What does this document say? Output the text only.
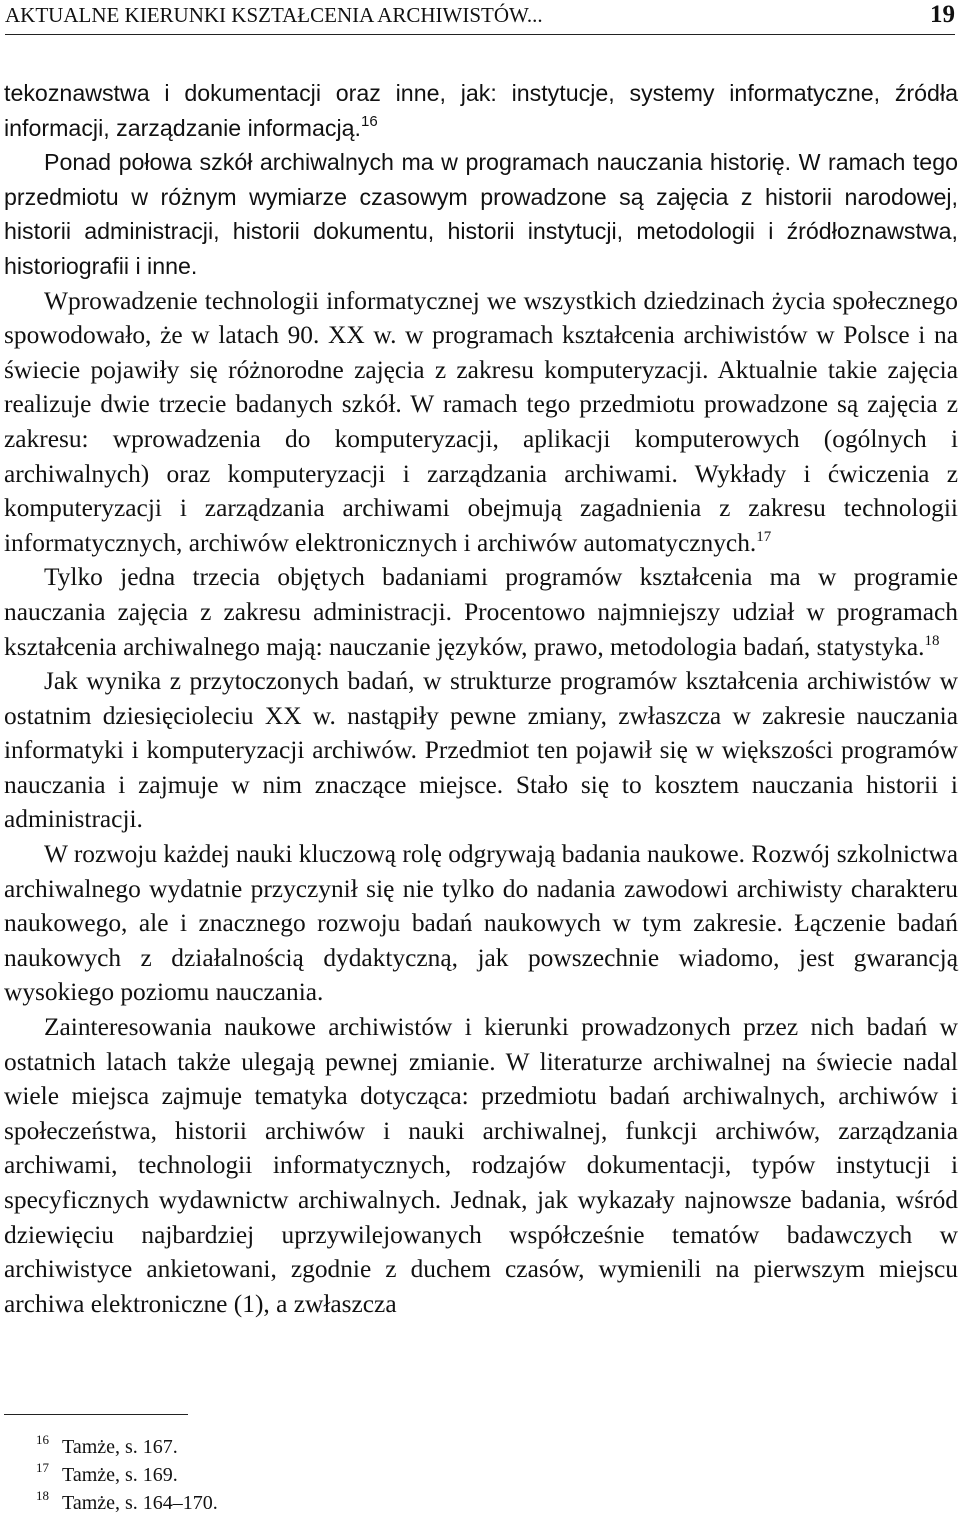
AKTUALNE KIERUNKI KSZTAŁCENIA ARCHIWISTÓW...	19

tekoznawstwa i dokumentacji oraz inne, jak: instytucje, systemy informatyczne, źródła informacji, zarządzanie informacją.$^{16}$

Ponad połowa szkół archiwalnych ma w programach nauczania historię. W ramach tego przedmiotu w różnym wymiarze czasowym prowadzone są zajęcia z historii narodowej, historii administracji, historii dokumentu, historii instytucji, metodologii i źródłoznawstwa, historiografii i inne.

Wprowadzenie technologii informatycznej we wszystkich dziedzinach życia społecznego spowodowało, że w latach 90. XX w. w programach kształcenia archiwistów w Polsce i na świecie pojawiły się różnorodne zajęcia z zakresu komputeryzacji. Aktualnie takie zajęcia realizuje dwie trzecie badanych szkół. W ramach tego przedmiotu prowadzone są zajęcia z zakresu: wprowadzenia do komputeryzacji, aplikacji komputerowych (ogólnych i archiwalnych) oraz komputeryzacji i zarządzania archiwami. Wykłady i ćwiczenia z komputeryzacji i zarządzania archiwami obejmują zagadnienia z zakresu technologii informatycznych, archiwów elektronicznych i archiwów automatycznych.$^{17}$

Tylko jedna trzecia objętych badaniami programów kształcenia ma w programie nauczania zajęcia z zakresu administracji. Procentowo najmniejszy udział w programach kształcenia archiwalnego mają: nauczanie języków, prawo, metodologia badań, statystyka.$^{18}$

Jak wynika z przytoczonych badań, w strukturze programów kształcenia archiwistów w ostatnim dziesięcioleciu XX w. nastąpiły pewne zmiany, zwłaszcza w zakresie nauczania informatyki i komputeryzacji archiwów. Przedmiot ten pojawił się w większości programów nauczania i zajmuje w nim znaczące miejsce. Stało się to kosztem nauczania historii i administracji.

W rozwoju każdej nauki kluczową rolę odgrywają badania naukowe. Rozwój szkolnictwa archiwalnego wydatnie przyczynił się nie tylko do nadania zawodowi archiwisty charakteru naukowego, ale i znacznego rozwoju badań naukowych w tym zakresie. Łączenie badań naukowych z działalnością dydaktyczną, jak powszechnie wiadomo, jest gwarancją wysokiego poziomu nauczania.

Zainteresowania naukowe archiwistów i kierunki prowadzonych przez nich badań w ostatnich latach także ulegają pewnej zmianie. W literaturze archiwalnej na świecie nadal wiele miejsca zajmuje tematyka dotycząca: przedmiotu badań archiwalnych, archiwów i społeczeństwa, historii archiwów i nauki archiwalnej, funkcji archiwów, zarządzania archiwami, technologii informatycznych, rodzajów dokumentacji, typów instytucji i specyficznych wydawnictw archiwalnych. Jednak, jak wykazały najnowsze badania, wśród dziewięciu najbardziej uprzywilejowanych współcześnie tematów badawczych w archiwistyce ankietowani, zgodnie z duchem czasów, wymienili na pierwszym miejscu archiwa elektroniczne (1), a zwłaszcza

16 Tamże, s. 167.
17 Tamże, s. 169.
18 Tamże, s. 164–170.
